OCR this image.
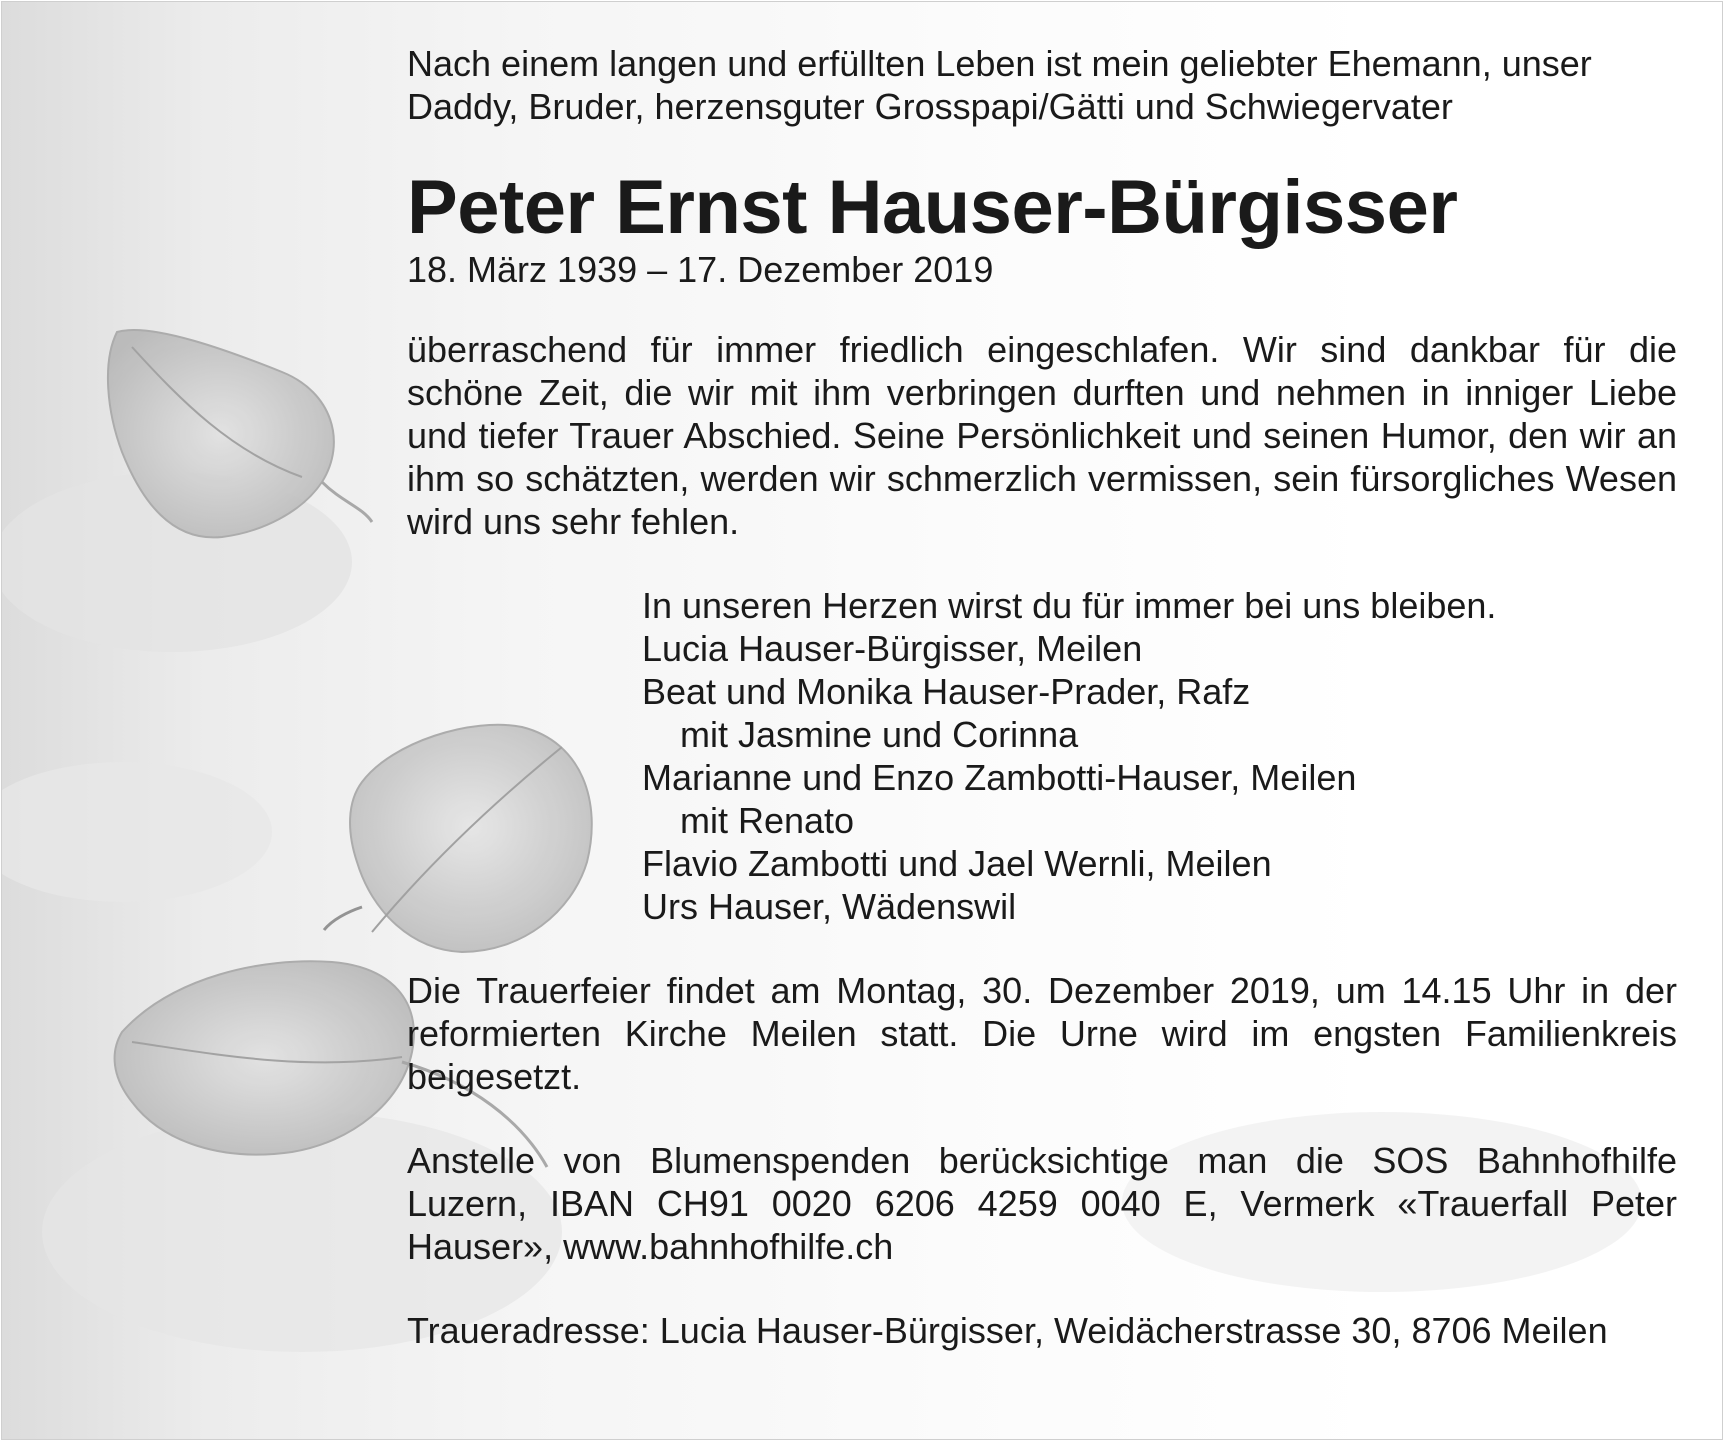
Nach einem langen und erfüllten Leben ist mein geliebter Ehemann, unser
Daddy, Bruder, herzensguter Grosspapi/Gätti und Schwiegervater

Peter Ernst Hauser-Bürgisser

18. März 1939 – 17. Dezember 2019

überraschend für immer friedlich eingeschlafen. Wir sind dankbar für die schöne Zeit, die wir mit ihm verbringen durften und nehmen in inniger Liebe und tiefer Trauer Abschied. Seine Persönlichkeit und seinen Humor, den wir an ihm so schätzten, werden wir schmerzlich vermissen, sein fürsorgliches Wesen wird uns sehr fehlen.

In unseren Herzen wirst du für immer bei uns bleiben.

Lucia Hauser-Bürgisser, Meilen

Beat und Monika Hauser-Prader, Rafz

mit Jasmine und Corinna

Marianne und Enzo Zambotti-Hauser, Meilen

mit Renato

Flavio Zambotti und Jael Wernli, Meilen

Urs Hauser, Wädenswil

Die Trauerfeier findet am Montag, 30. Dezember 2019, um 14.15 Uhr in der reformierten Kirche Meilen statt. Die Urne wird im engsten Familienkreis beigesetzt.

Anstelle von Blumenspenden berücksichtige man die SOS Bahnhofhilfe Luzern, IBAN CH91 0020 6206 4259 0040 E, Vermerk «Trauerfall Peter Hauser», www.bahnhofhilfe.ch

Traueradresse: Lucia Hauser-Bürgisser, Weidächerstrasse 30, 8706 Meilen
